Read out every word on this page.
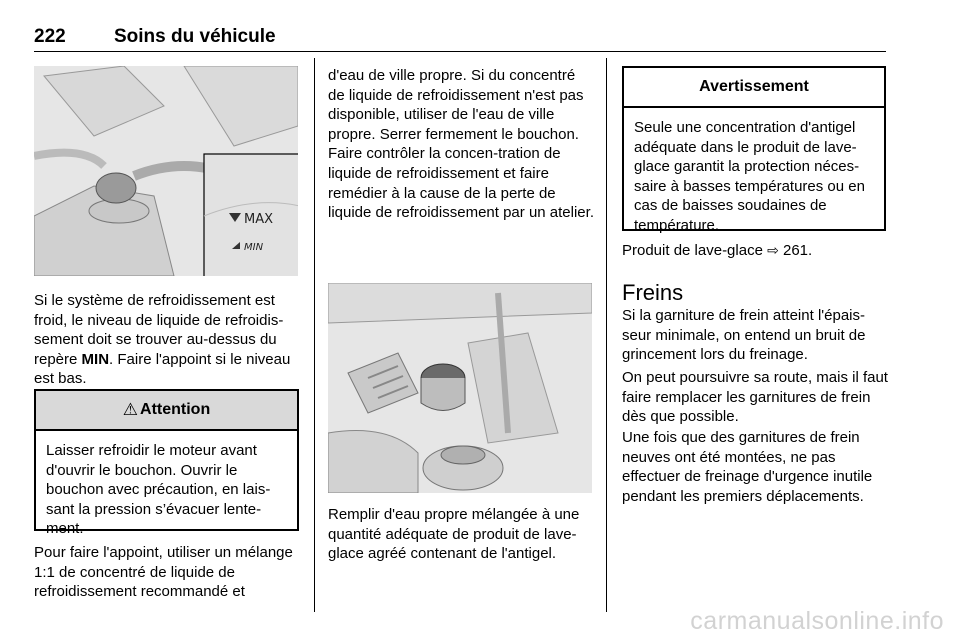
222	Soins du véhicule
MAX
MIN
Si le système de refroidissement est froid, le niveau de liquide de refroidis-sement doit se trouver au-dessus du repère MIN. Faire l'appoint si le niveau est bas.
⚠ Attention
Laisser refroidir le moteur avant d'ouvrir le bouchon. Ouvrir le bouchon avec précaution, en lais-sant la pression s’évacuer lente-ment.
Pour faire l'appoint, utiliser un mélange 1:1 de concentré de liquide de refroidissement recommandé et
d'eau de ville propre. Si du concentré de liquide de refroidissement n'est pas disponible, utiliser de l'eau de ville propre. Serrer fermement le bouchon. Faire contrôler la concen-tration de liquide de refroidissement et faire remédier à la cause de la perte de liquide de refroidissement par un atelier.
Remplir d'eau propre mélangée à une quantité adéquate de produit de lave-glace agréé contenant de l'antigel.
Avertissement
Seule une concentration d'antigel adéquate dans le produit de lave-glace garantit la protection néces-saire à basses températures ou en cas de baisses soudaines de température.
Produit de lave-glace ⇨ 261.
Freins
Si la garniture de frein atteint l'épais-seur minimale, on entend un bruit de grincement lors du freinage.
On peut poursuivre sa route, mais il faut faire remplacer les garnitures de frein dès que possible.
Une fois que des garnitures de frein neuves ont été montées, ne pas effectuer de freinage d'urgence inutile pendant les premiers déplacements.
carmanualsonline.info
